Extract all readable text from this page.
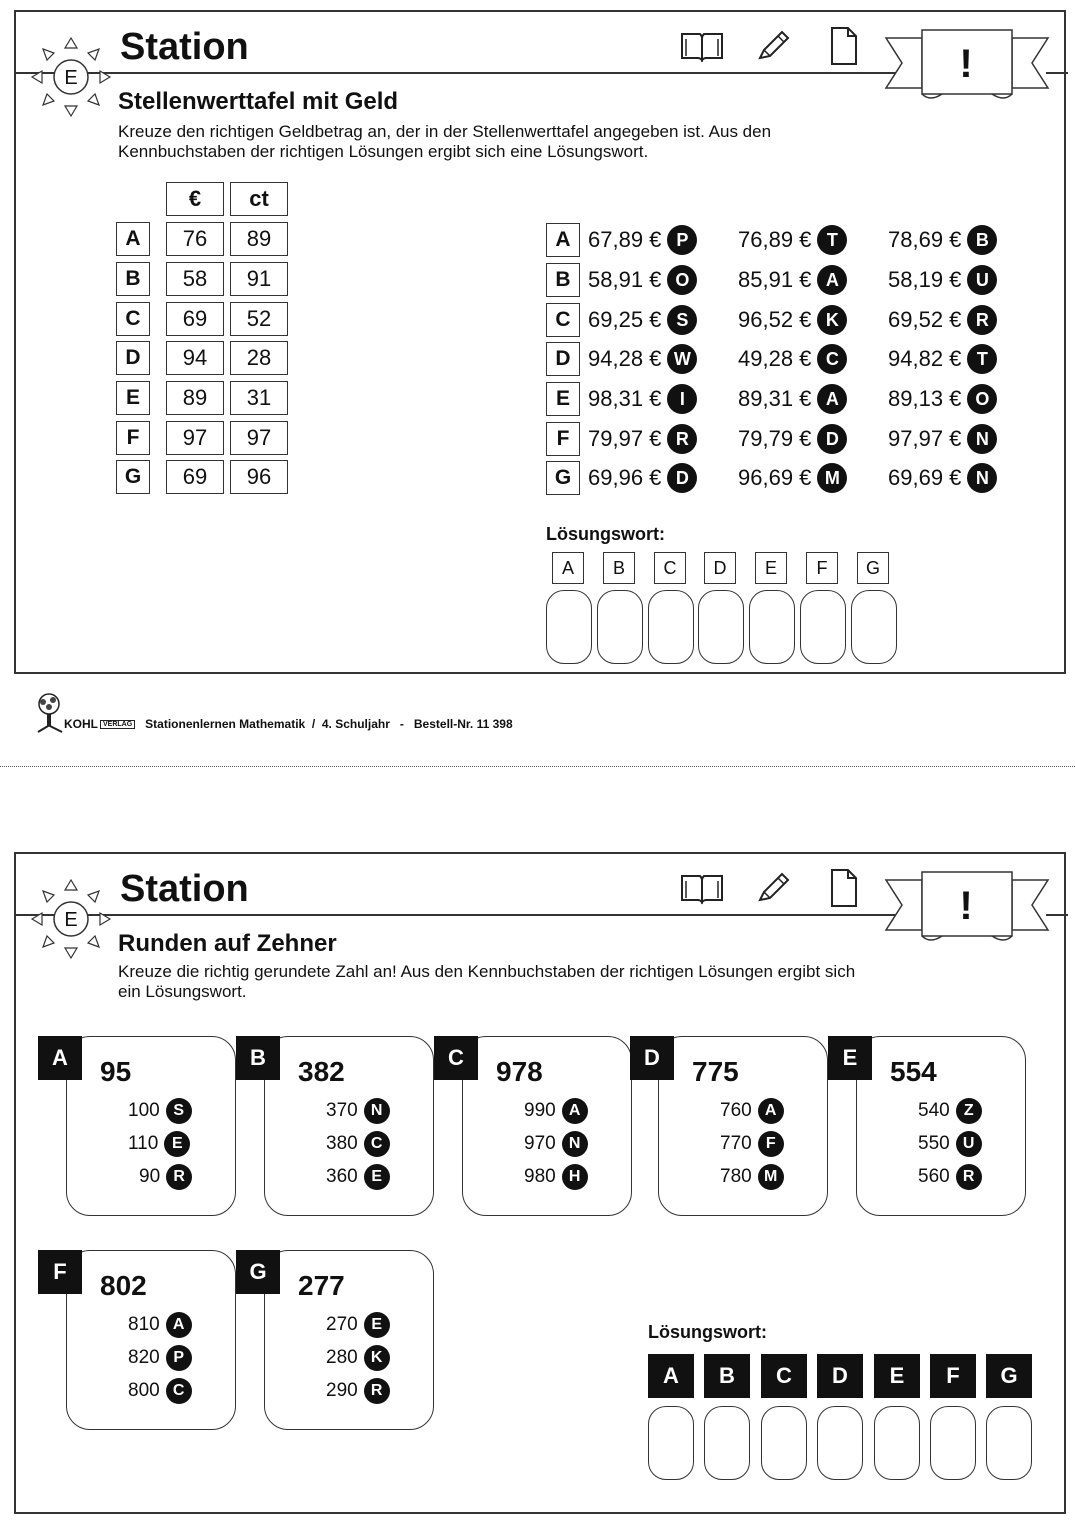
E
Station	!
Stellenwerttafel mit Geld
Kreuze den richtigen Geldbetrag an, der in der Stellenwerttafel angegeben ist. Aus den
Kennbuchstaben der richtigen Lösungen ergibt sich eine Lösungswort.
€	ct
A	76	89
B	58	91
C	69	52
D	94	28
E	89	31
F	97	97
G	69	96
A 67,89 € P	76,89 € T	78,69 € B
B 58,91 € O	85,91 € A	58,19 € U
C 69,25 € S	96,52 € K	69,52 € R
D 94,28 € W 49,28 € C	94,82 € T
E 98,31 €	I	89,31 € A	89,13 € O
F 79,97 € R	79,79 € D	97,97 € N
G 69,96 € D	96,69 € M	69,69 € N
Lösungswort:
A	B	C	D	E	F	G
KOHL VERLAG Stationenlernen Mathematik  /  4. Schuljahr   -   Bestell-Nr. 11 398
E
Station	!
Runden auf Zehner
Kreuze die richtig gerundete Zahl an! Aus den Kennbuchstaben der richtigen Lösungen ergibt sich
ein Lösungswort.
A	95
100 S
110 E
90 R
B	382
370 N
380 C
360 E
C	978
990 A
970 N
980 H
D	775
760 A
770 F
780 M
E	554
540 Z
550 U
560 R
F	802
810 A
820 P
800 C
G	277
270 E
280 K
290 R
Lösungswort:
A	B	C	D	E	F	G
